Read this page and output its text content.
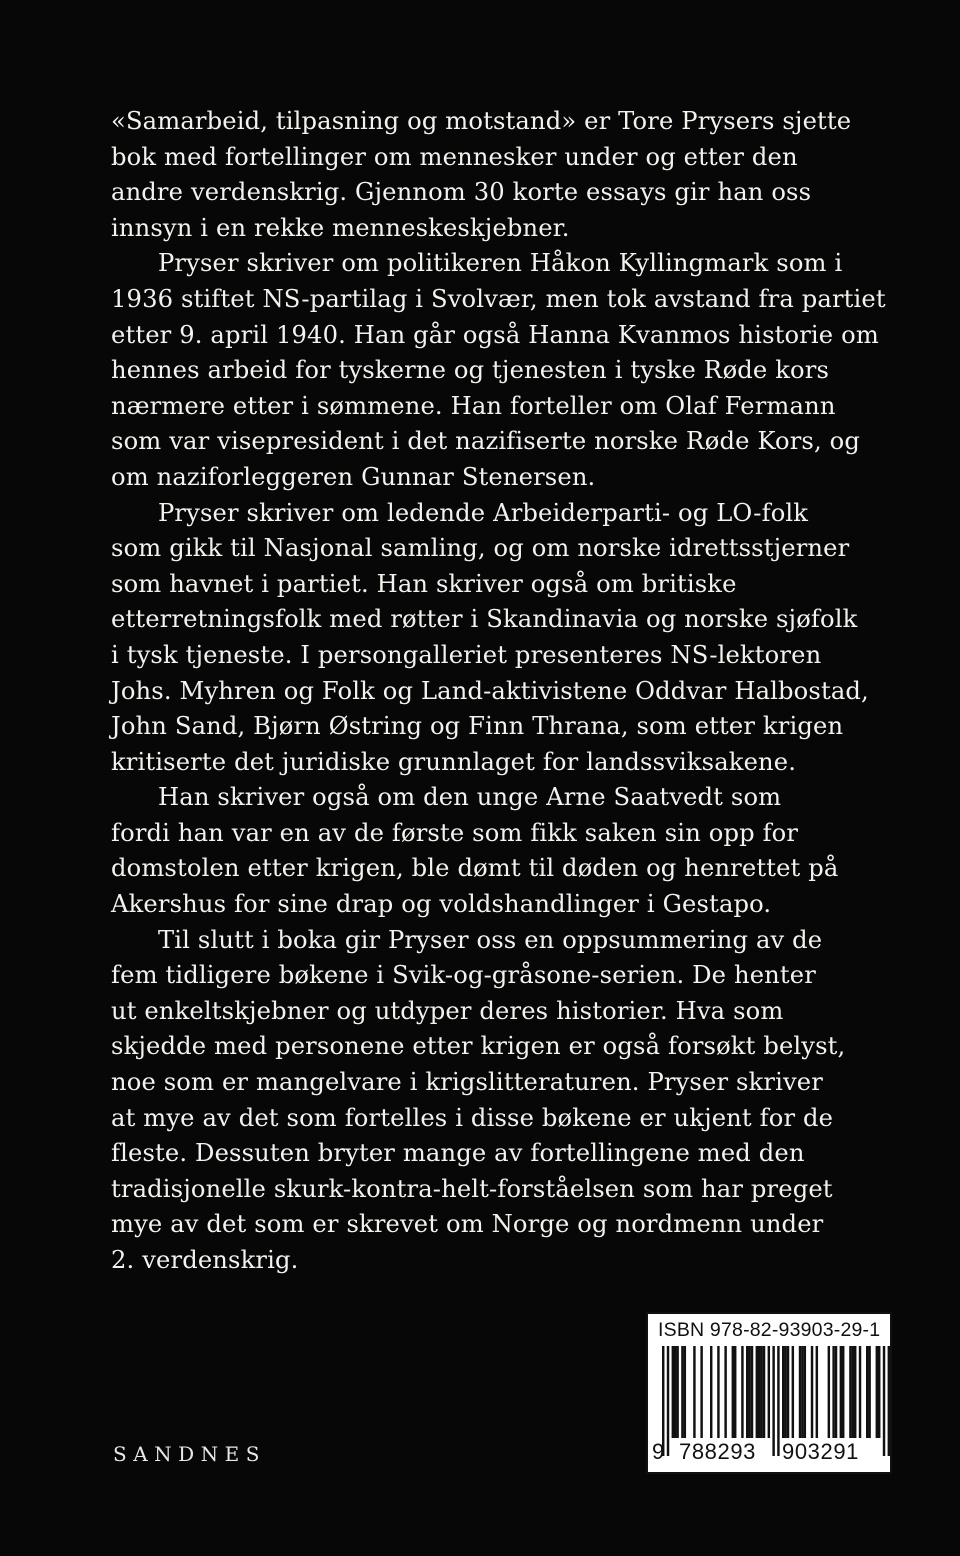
«Samarbeid, tilpasning og motstand» er Tore Prysers sjette
bok med fortellinger om mennesker under og etter den
andre verdenskrig. Gjennom 30 korte essays gir han oss
innsyn i en rekke menneskeskjebner.

Pryser skriver om politikeren Håkon Kyllingmark som i
1936 stiftet NS-partilag i Svolvær, men tok avstand fra partiet
etter 9. april 1940. Han går også Hanna Kvanmos historie om
hennes arbeid for tyskerne og tjenesten i tyske Røde kors
nærmere etter i sømmene. Han forteller om Olaf Fermann
som var visepresident i det nazifiserte norske Røde Kors, og
om naziforleggeren Gunnar Stenersen.

Pryser skriver om ledende Arbeiderparti- og LO-folk
som gikk til Nasjonal samling, og om norske idrettsstjerner
som havnet i partiet. Han skriver også om britiske
etterretningsfolk med røtter i Skandinavia og norske sjøfolk
i tysk tjeneste. I persongalleriet presenteres NS-lektoren
Johs. Myhren og Folk og Land-aktivistene Oddvar Halbostad,
John Sand, Bjørn Østring og Finn Thrana, som etter krigen
kritiserte det juridiske grunnlaget for landssviksakene.

Han skriver også om den unge Arne Saatvedt som
fordi han var en av de første som fikk saken sin opp for
domstolen etter krigen, ble dømt til døden og henrettet på
Akershus for sine drap og voldshandlinger i Gestapo.

Til slutt i boka gir Pryser oss en oppsummering av de
fem tidligere bøkene i Svik-og-gråsone-serien. De henter
ut enkeltskjebner og utdyper deres historier. Hva som
skjedde med personene etter krigen er også forsøkt belyst,
noe som er mangelvare i krigslitteraturen. Pryser skriver
at mye av det som fortelles i disse bøkene er ukjent for de
fleste. Dessuten bryter mange av fortellingene med den
tradisjonelle skurk-kontra-helt-forståelsen som har preget
mye av det som er skrevet om Norge og nordmenn under
2. verdenskrig.

SANDNES
ISBN 978-82-93903-29-1
9 788293 903291
